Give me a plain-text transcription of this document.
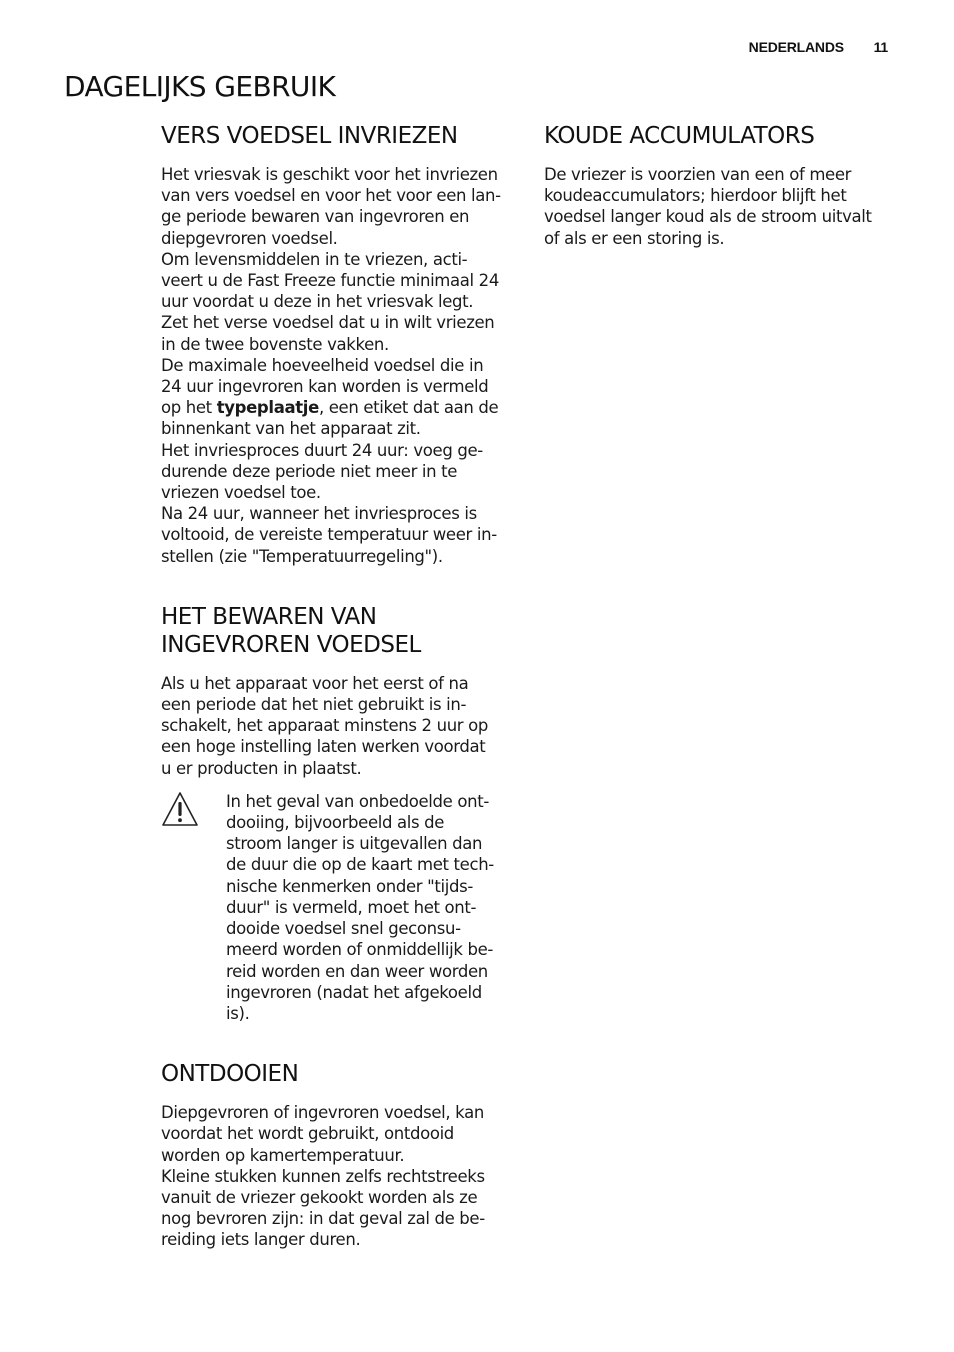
NEDERLANDS 11
DAGELIJKS GEBRUIK
VERS VOEDSEL INVRIEZEN

Het vriesvak is geschikt voor het invriezen
van vers voedsel en voor het voor een lan-
ge periode bewaren van ingevroren en
diepgevroren voedsel.

Om levensmiddelen in te vriezen, acti-
veert u de Fast Freeze functie minimaal 24
uur voordat u deze in het vriesvak legt.

Zet het verse voedsel dat u in wilt vriezen
in de twee bovenste vakken.

De maximale hoeveelheid voedsel die in
24 uur ingevroren kan worden is vermeld
op het typeplaatje, een etiket dat aan de
binnenkant van het apparaat zit.

Het invriesproces duurt 24 uur: voeg ge-
durende deze periode niet meer in te
vriezen voedsel toe.

Na 24 uur, wanneer het invriesproces is
voltooid, de vereiste temperatuur weer in-
stellen (zie "Temperatuurregeling").

HET BEWAREN VAN
INGEVROREN VOEDSEL

Als u het apparaat voor het eerst of na
een periode dat het niet gebruikt is in-
schakelt, het apparaat minstens 2 uur op
een hoge instelling laten werken voordat
u er producten in plaatst.

In het geval van onbedoelde ont-
dooiing, bijvoorbeeld als de
stroom langer is uitgevallen dan
de duur die op de kaart met tech-
nische kenmerken onder "tijds-
duur" is vermeld, moet het ont-
dooide voedsel snel geconsu-
meerd worden of onmiddellijk be-
reid worden en dan weer worden
ingevroren (nadat het afgekoeld
is).

ONTDOOIEN

Diepgevroren of ingevroren voedsel, kan
voordat het wordt gebruikt, ontdooid
worden op kamertemperatuur.

Kleine stukken kunnen zelfs rechtstreeks
vanuit de vriezer gekookt worden als ze
nog bevroren zijn: in dat geval zal de be-
reiding iets langer duren.

KOUDE ACCUMULATORS

De vriezer is voorzien van een of meer
koudeaccumulators; hierdoor blijft het
voedsel langer koud als de stroom uitvalt
of als er een storing is.
